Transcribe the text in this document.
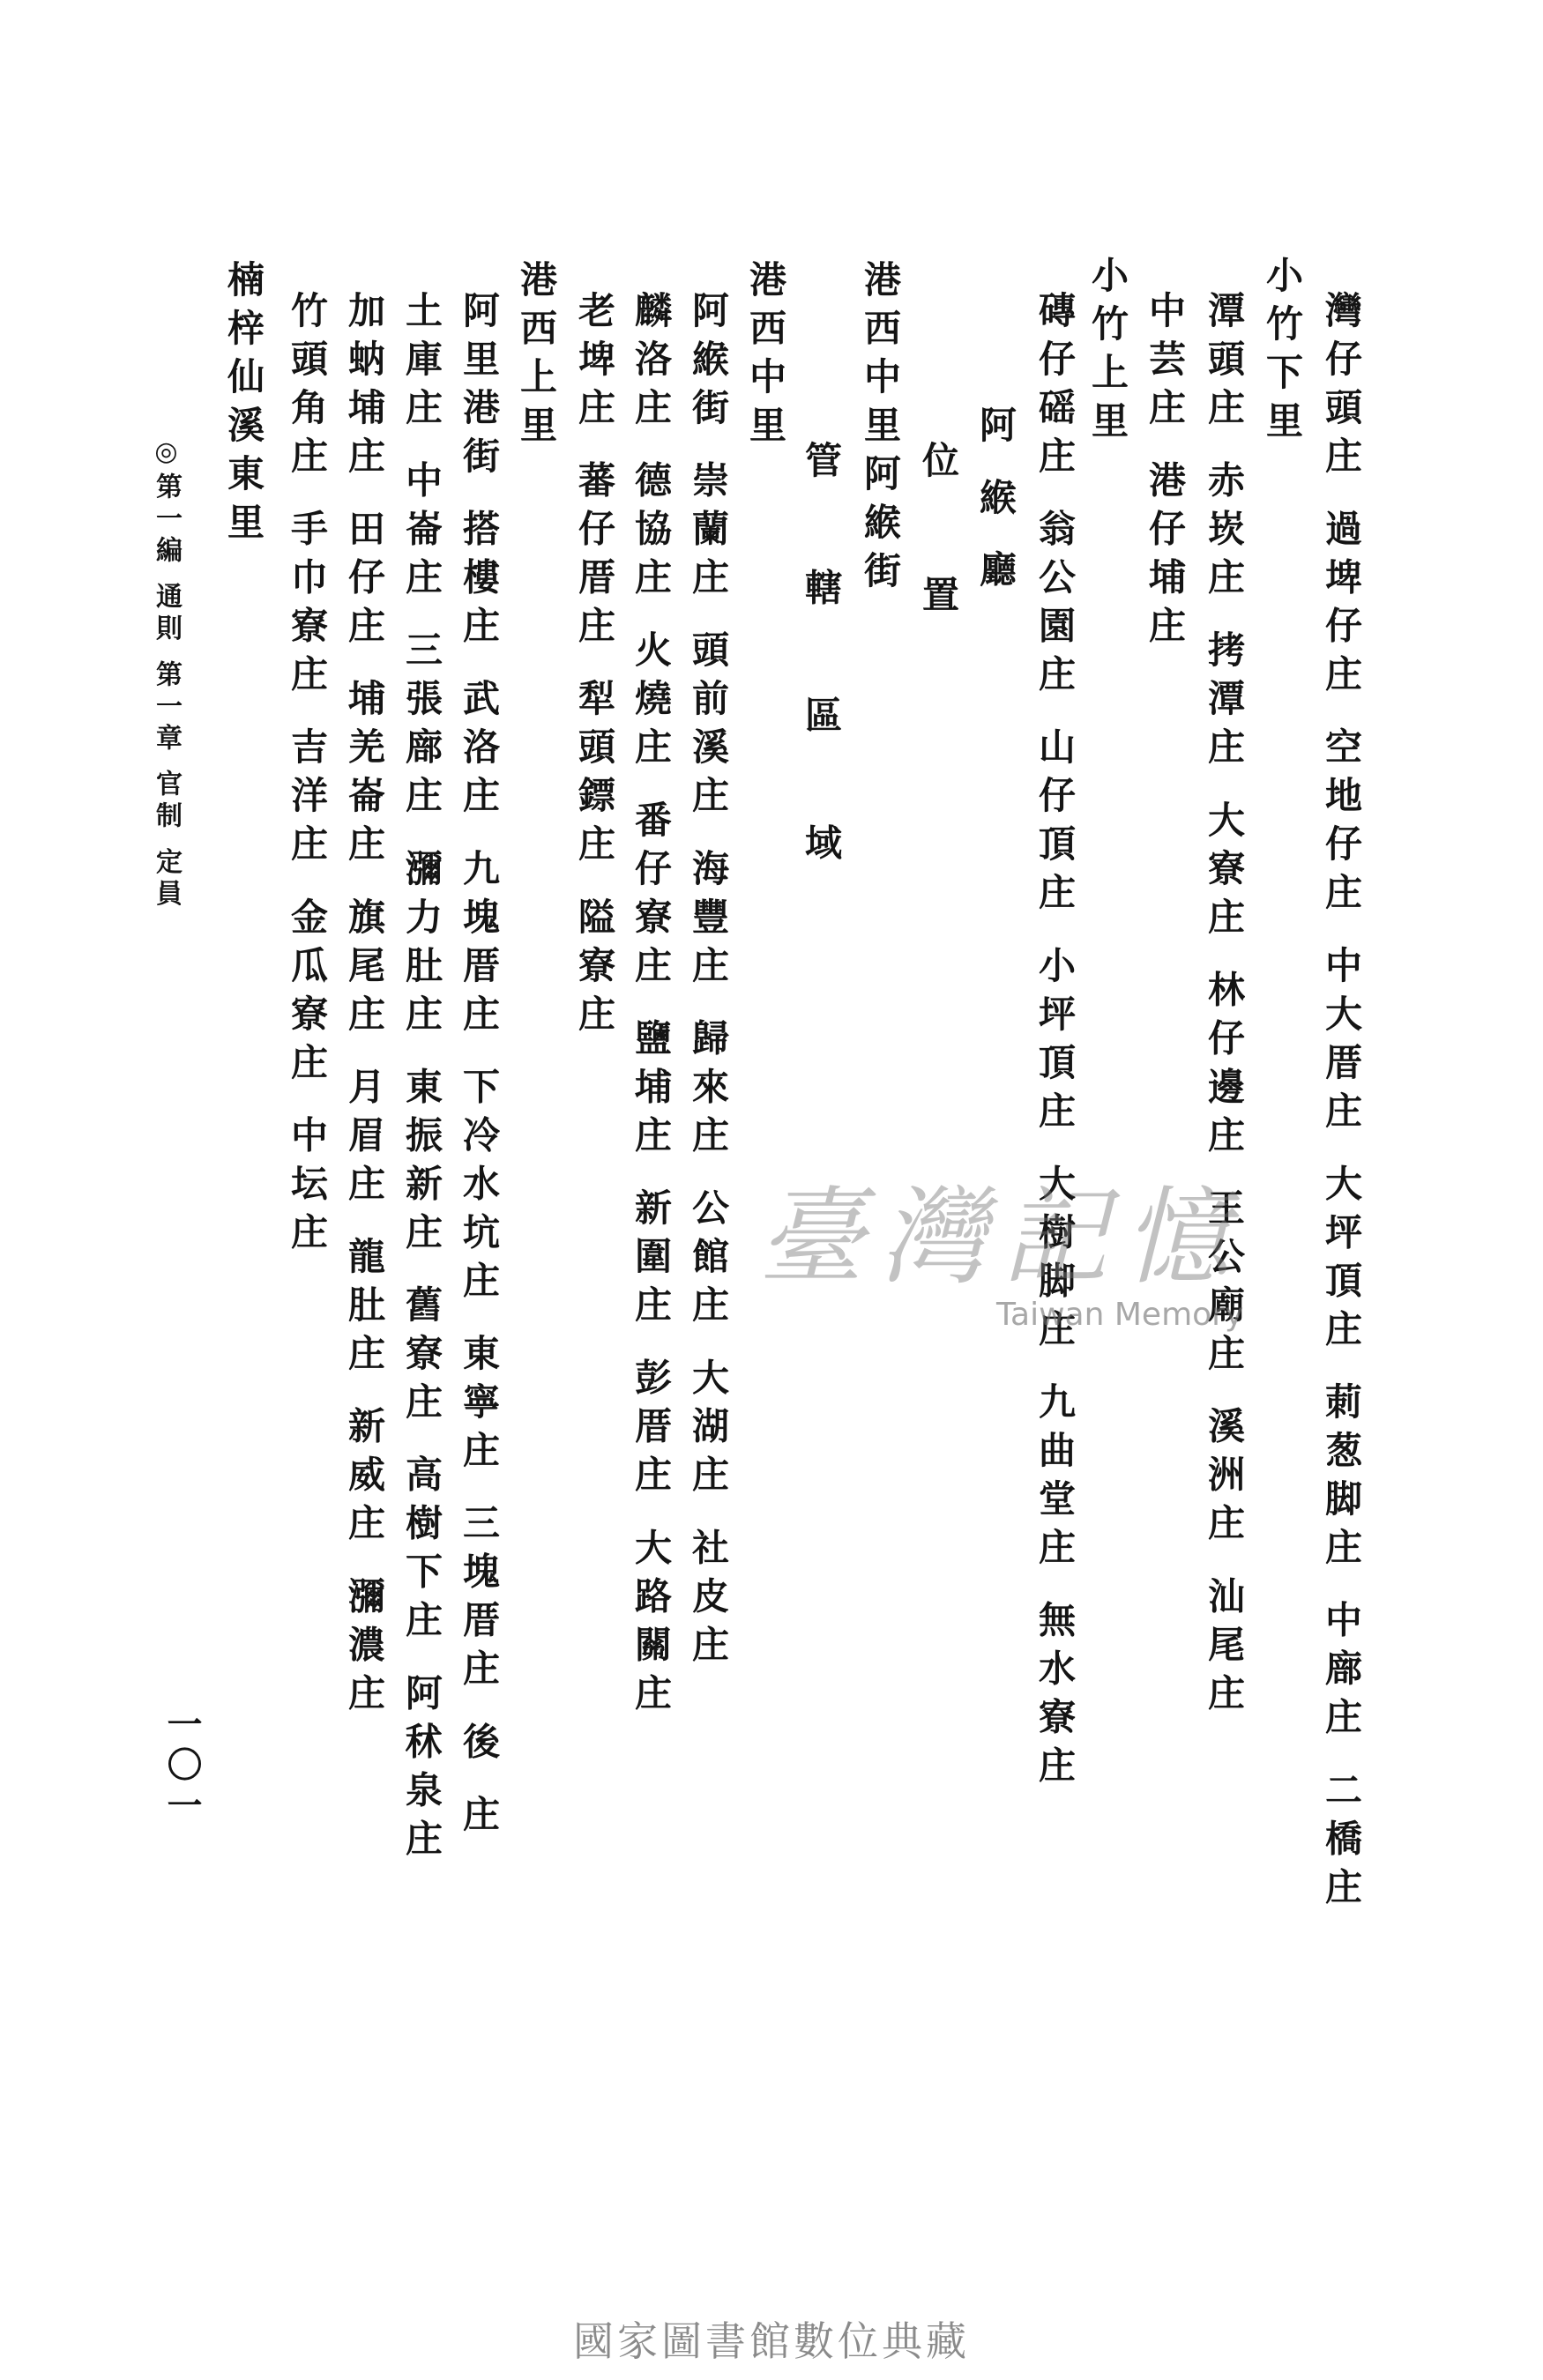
灣仔頭庄 過埤仔庄 空地仔庄 中大厝庄 大坪頂庄 莿葱脚庄 中廍庄 二橋庄
小竹下里
潭頭庄 赤崁庄 拷潭庄 大寮庄 林仔邊庄 王公廟庄 溪洲庄 汕尾庄
中芸庄 港仔埔庄
小竹上里
磚仔磘庄 翁公園庄 山仔頂庄 小坪頂庄 大樹脚庄 九曲堂庄 無水寮庄
阿緱廳
位 置
港西中里阿緱街
管 轄 區 域
港西中里
阿緱街 崇蘭庄 頭前溪庄 海豐庄 歸來庄 公館庄 大湖庄 社皮庄
麟洛庄 德協庄 火燒庄 番仔寮庄 鹽埔庄 新圍庄 彭厝庄 大路關庄
老埤庄 蕃仔厝庄 犁頭鏢庄 隘寮庄
港西上里
阿里港街 搭樓庄 武洛庄 九塊厝庄 下冷水坑庄 東寧庄 三塊厝庄 後 庄
土庫庄 中崙庄 三張廍庄 瀰力肚庄 東振新庄 舊寮庄 高樹下庄 阿秫泉庄
加蚋埔庄 田仔庄 埔羌崙庄 旗尾庄 月眉庄 龍肚庄 新威庄 瀰濃庄
竹頭角庄 手巾寮庄 吉洋庄 金瓜寮庄 中坛庄
楠梓仙溪東里
◎第一編 通則 第一章 官制 定員
一〇一
臺灣記憶
Taiwan Memory
國家圖書館數位典藏
